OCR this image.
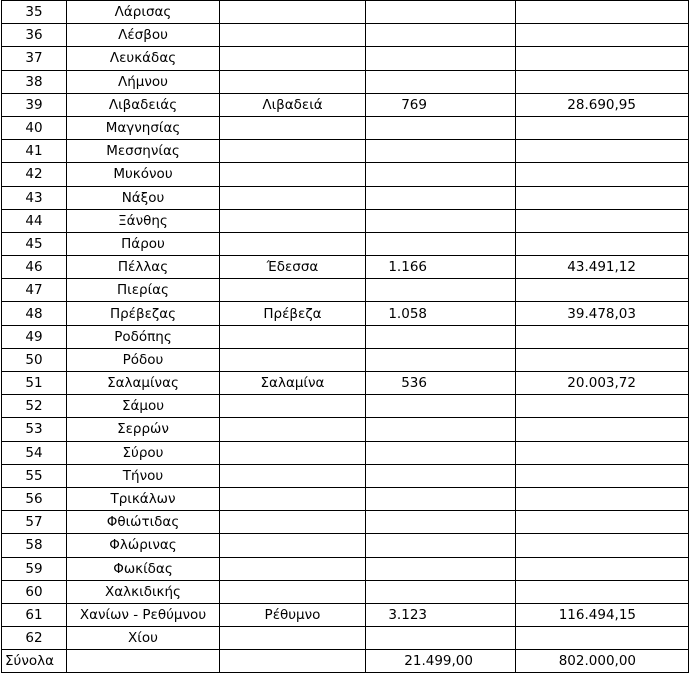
35	Λάρισας			
36	Λέσβου			
37	Λευκάδας			
38	Λήμνου			
39	Λιβαδειάς	Λιβαδειά	769	28.690,95
40	Μαγνησίας			
41	Μεσσηνίας			
42	Μυκόνου			
43	Νάξου			
44	Ξάνθης			
45	Πάρου			
46	Πέλλας	Έδεσσα	1.166	43.491,12
47	Πιερίας			
48	Πρέβεζας	Πρέβεζα	1.058	39.478,03
49	Ροδόπης			
50	Ρόδου			
51	Σαλαμίνας	Σαλαμίνα	536	20.003,72
52	Σάμου			
53	Σερρών			
54	Σύρου			
55	Τήνου			
56	Τρικάλων			
57	Φθιώτιδας			
58	Φλώρινας			
59	Φωκίδας			
60	Χαλκιδικής			
61	Χανίων - Ρεθύμνου	Ρέθυμνο	3.123	116.494,15
62	Χίου			
Σύνολα			21.499,00	802.000,00
